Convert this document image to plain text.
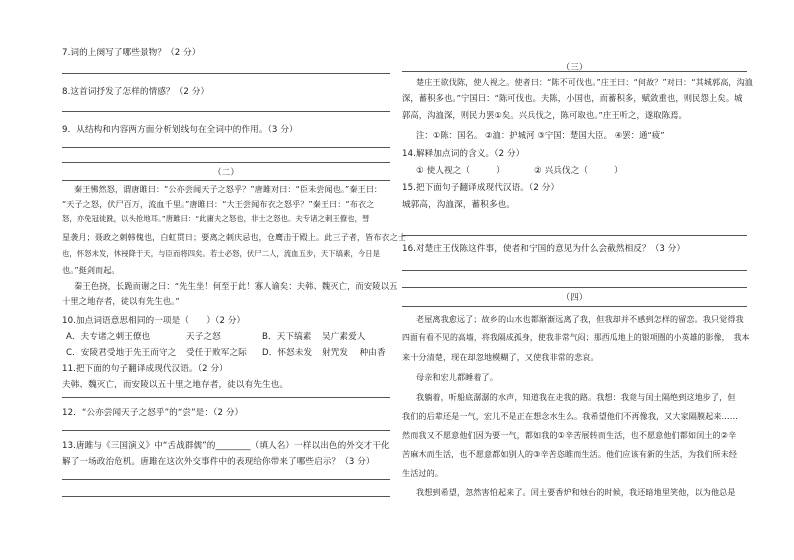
7.词的上阕写了哪些景物？（2 分）
8.这首词抒发了怎样的情感？（2 分）
9．从结构和内容两方面分析划线句在全词中的作用。（3 分）
（二）
秦王怫然怒，谓唐雎曰：“公亦尝闻天子之怒乎？”唐雎对曰：“臣未尝闻也。”秦王曰：
“天子之怒，伏尸百万，流血千里。”唐雎曰：“大王尝闻布衣之怒乎？”秦王曰：“布衣之
怒，亦免冠徒跣，以头抢地耳。”唐雎曰：“此庸夫之怒也，非士之怒也。夫专诸之刺王僚也，彗
星袭月；聂政之刺韩傀也，白虹贯日；要离之刺庆忌也，仓鹰击于殿上。此三子者，皆布衣之士
也，怀怒未发，休祲降于天，与臣而将四矣。若士必怒，伏尸二人，流血五步，天下缟素，今日是
也。”挺剑而起。
秦王色挠，长跪而谢之曰：“先生坐！何至于此！寡人谕矣：夫韩、魏灭亡，而安陵以五
十里之地存者，徒以有先生也。”
10.加点词语意思相同的一项是（　　）（2 分）
A．夫专诸之刺王僚也	天子之怒	B．天下缟素 吴广素爱人
C．安陵君受地于先王而守之 受任于败军之际 D．怀怒未发 射咒发 　种由香
11.把下面的句子翻译成现代汉语。（2 分）
夫韩、魏灭亡，而安陵以五十里之地存者，徒以有先生也。
12．“公亦尝闻天子之怒乎”的“尝”是：（2 分）
13.唐雎与《三国演义》中“舌战群儒”的________（填人名）一样以出色的外交才干化
解了一场政治危机。唐雎在这次外交事件中的表现给你带来了哪些启示？（3 分）
（三）
楚庄王欲伐陈，使人视之。使者曰：“陈不可伐也。”庄王曰：“何故？”对曰：“其城郭高，沟洫
深，蓄积多也。”宁国曰：“陈可伐也。夫陈，小国也，而蓄积多，赋敛重也，则民怨上矣。城
郭高，沟洫深，则民力罢①矣。兴兵伐之，陈可取也。”庄王听之，遂取陈焉。
注：①陈：国名。 ②洫：护城河 ③宁国：楚国大臣。 ④罢：通“疲”
14.解释加点词的含义。（2 分）
① 使人视之（　　　）	② 兴兵伐之（　　　）
15.把下面句子翻译成现代汉语。（2 分）
城郭高，沟洫深，蓄积多也。
16.对楚庄王伐陈这件事，使者和宁国的意见为什么会截然相反？（3 分）
（四）
老屋离我愈远了；故乡的山水也都渐渐远离了我，但我却并不感到怎样的留恋。我只觉得我
四面有看不见的高墙，将我隔成孤身，使我非常气闷；那西瓜地上的银项圈的小英雄的影像，　我本
来十分清楚，现在却忽地模糊了，又使我非常的悲哀。
母亲和宏儿都睡着了。
我躺着，听船底潺潺的水声，知道我在走我的路。我想：我竟与闰土隔绝到这地步了，但
我们的后辈还是一气，宏儿不是正在想念水生么。我希望他们不再像我，又大家隔膜起来……
然而我又不愿意他们因为要一气，都如我的①辛苦展转而生活，也不愿意他们都如闰土的②辛
苦麻木而生活，也不愿意都如别人的③辛苦恣睢而生活。他们应该有新的生活，为我们所未经
生活过的。
我想到希望，忽然害怕起来了。闰土要香炉和烛台的时候，我还暗地里笑他，以为他总是
